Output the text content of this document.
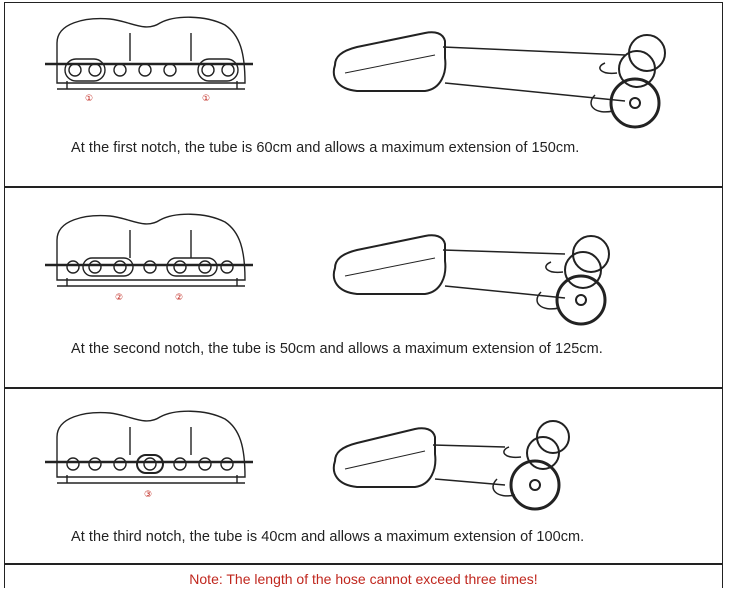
①	①
At the first notch, the tube is 60cm and allows a maximum extension of 150cm.
②	②
At the second notch, the tube is 50cm and allows a maximum extension of 125cm.
③
At the third notch, the tube is 40cm and allows a maximum extension of 100cm.
Note: The length of the hose cannot exceed three times!
